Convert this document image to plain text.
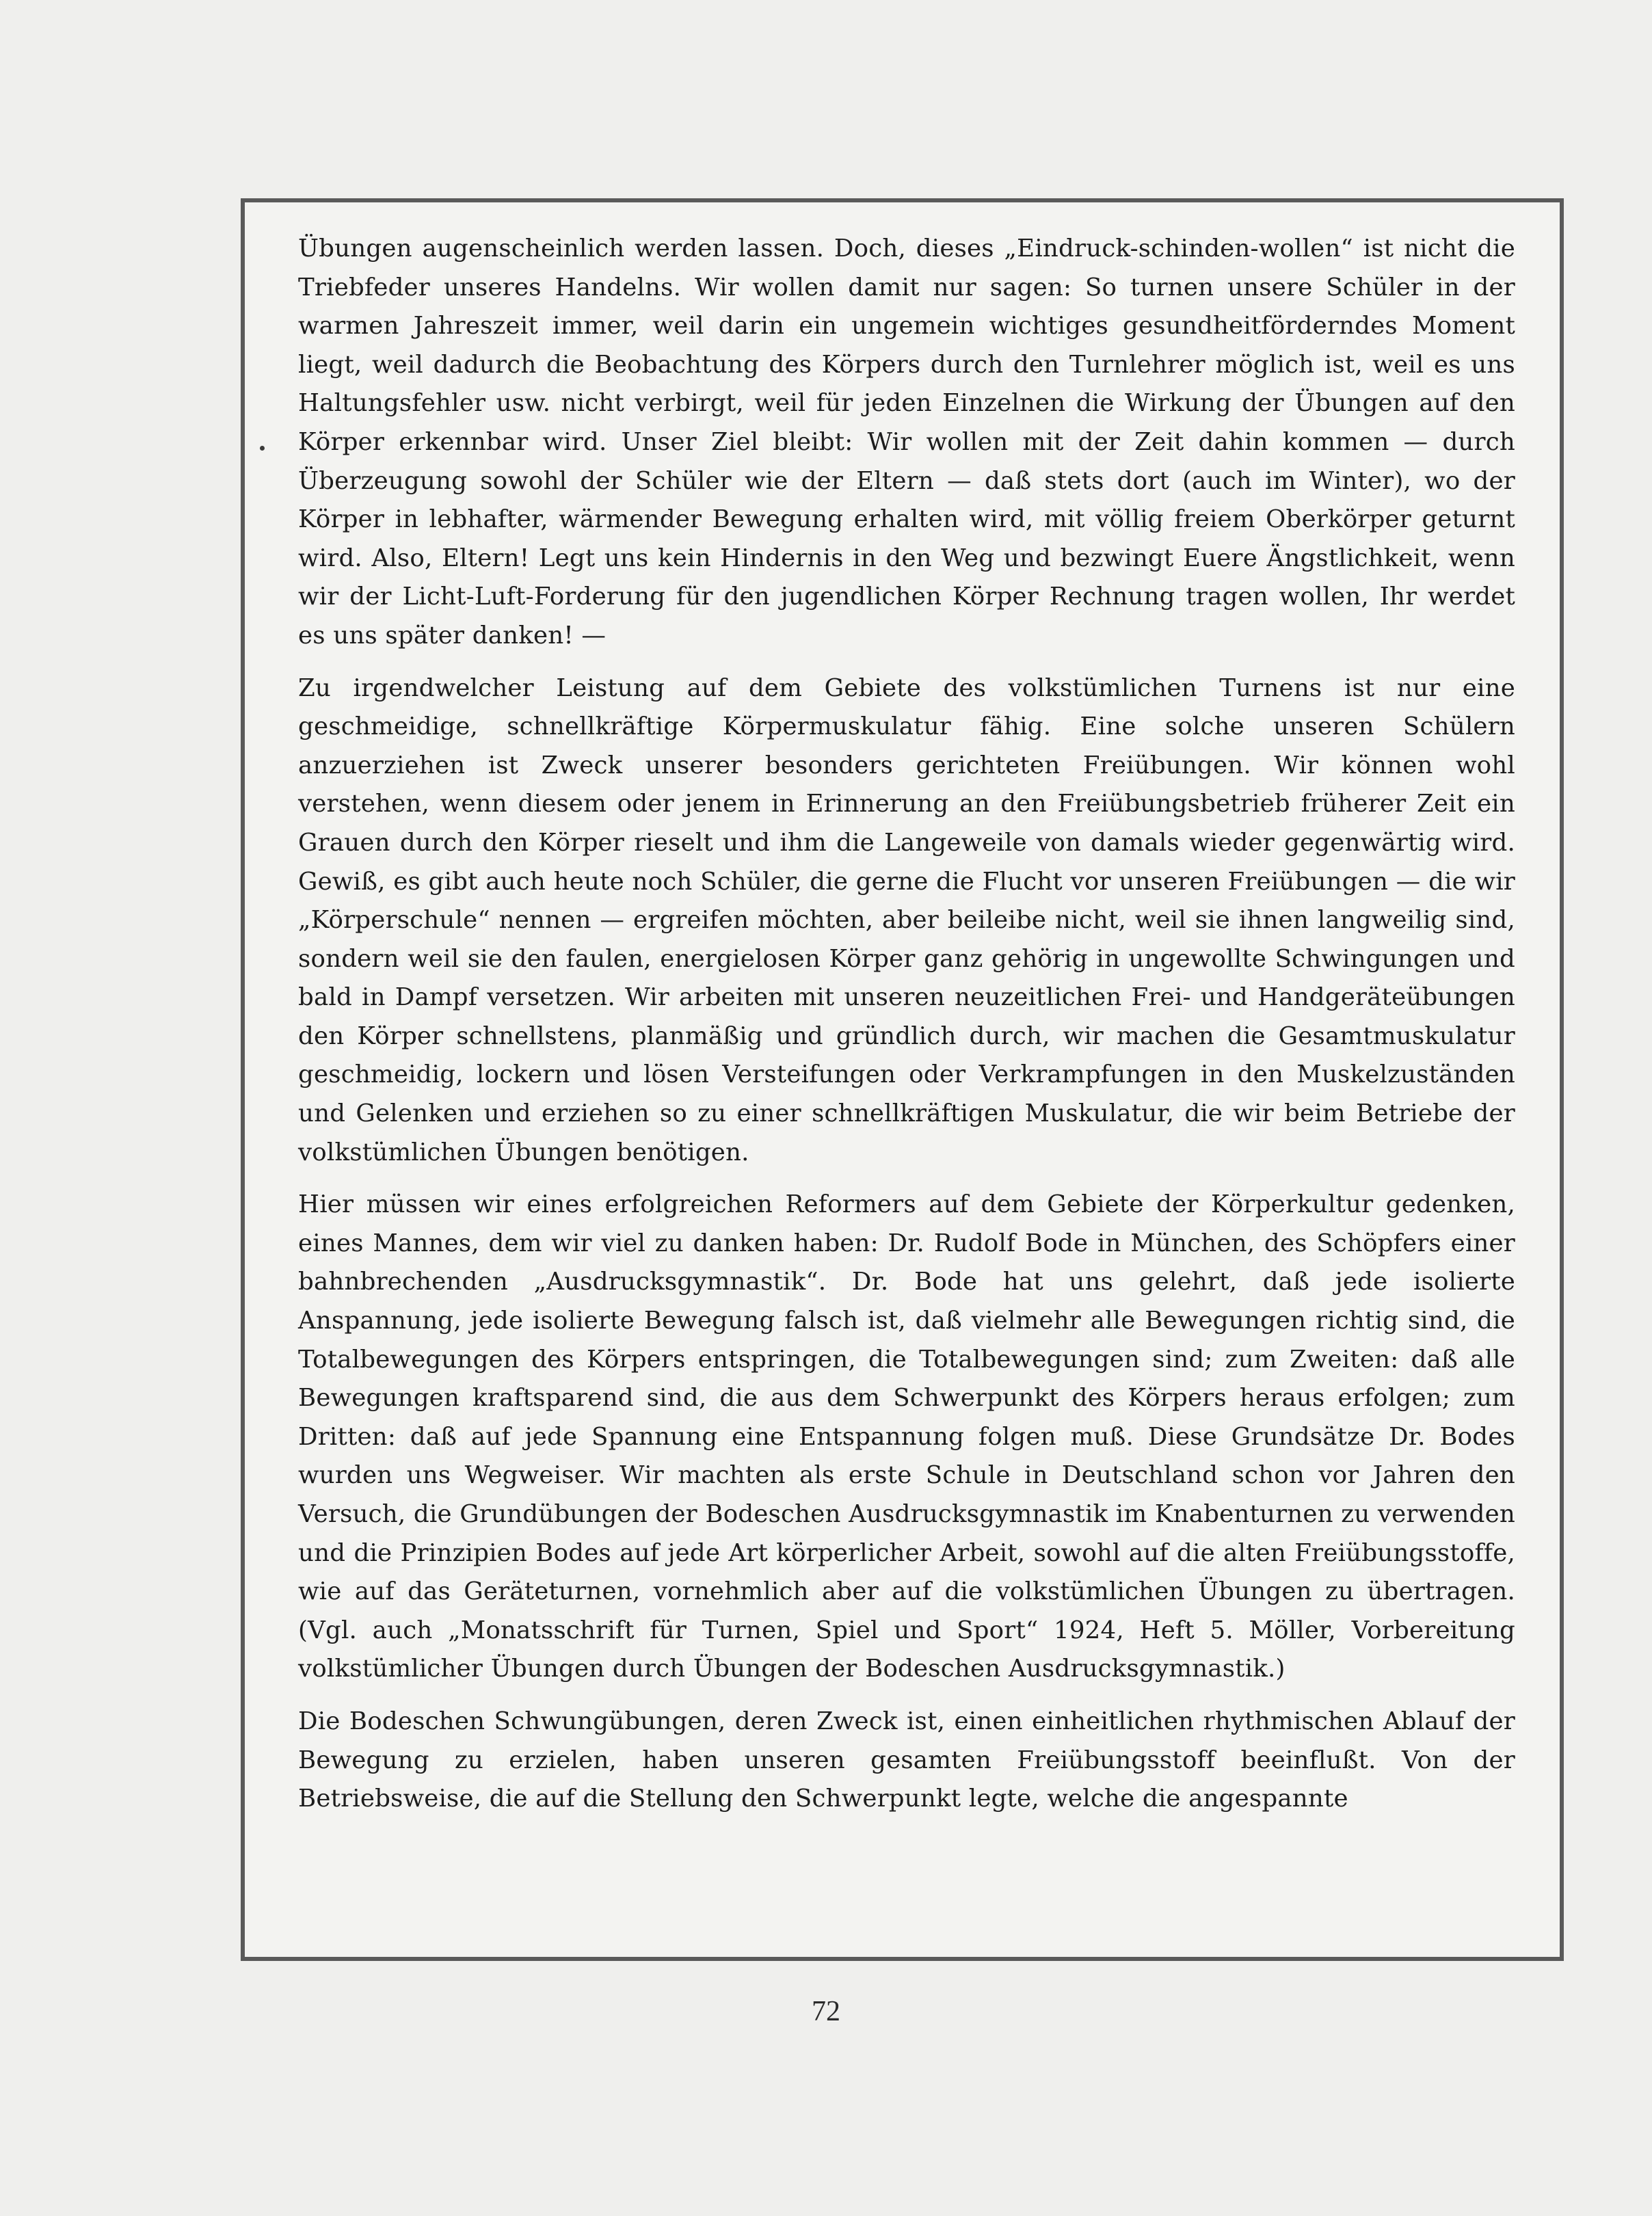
Übungen augenscheinlich werden lassen. Doch, dieses „Eindruck-schinden-wollen“ ist nicht die Triebfeder unseres Handelns. Wir wollen damit nur sagen: So turnen unsere Schüler in der warmen Jahreszeit immer, weil darin ein ungemein wichtiges gesundheitförderndes Moment liegt, weil dadurch die Beobachtung des Körpers durch den Turnlehrer möglich ist, weil es uns Haltungsfehler usw. nicht verbirgt, weil für jeden Einzelnen die Wirkung der Übungen auf den Körper erkennbar wird. Unser Ziel bleibt: Wir wollen mit der Zeit dahin kommen — durch Überzeugung sowohl der Schüler wie der Eltern — daß stets dort (auch im Winter), wo der Körper in lebhafter, wärmender Bewegung erhalten wird, mit völlig freiem Oberkörper geturnt wird. Also, Eltern! Legt uns kein Hindernis in den Weg und bezwingt Euere Ängstlichkeit, wenn wir der Licht-Luft-Forderung für den jugendlichen Körper Rechnung tragen wollen, Ihr werdet es uns später danken! —

Zu irgendwelcher Leistung auf dem Gebiete des volkstümlichen Turnens ist nur eine geschmeidige, schnellkräftige Körpermuskulatur fähig. Eine solche unseren Schülern anzuerziehen ist Zweck unserer besonders gerichteten Freiübungen. Wir können wohl verstehen, wenn diesem oder jenem in Erinnerung an den Freiübungsbetrieb früherer Zeit ein Grauen durch den Körper rieselt und ihm die Langeweile von damals wieder gegenwärtig wird. Gewiß, es gibt auch heute noch Schüler, die gerne die Flucht vor unseren Freiübungen — die wir „Körperschule“ nennen — ergreifen möchten, aber beileibe nicht, weil sie ihnen langweilig sind, sondern weil sie den faulen, energielosen Körper ganz gehörig in ungewollte Schwingungen und bald in Dampf versetzen. Wir arbeiten mit unseren neuzeitlichen Frei- und Handgeräteübungen den Körper schnellstens, planmäßig und gründlich durch, wir machen die Gesamtmuskulatur geschmeidig, lockern und lösen Versteifungen oder Verkrampfungen in den Muskelzuständen und Gelenken und erziehen so zu einer schnellkräftigen Muskulatur, die wir beim Betriebe der volkstümlichen Übungen benötigen.

Hier müssen wir eines erfolgreichen Reformers auf dem Gebiete der Körperkultur gedenken, eines Mannes, dem wir viel zu danken haben: Dr. Rudolf Bode in München, des Schöpfers einer bahnbrechenden „Ausdrucksgymnastik“. Dr. Bode hat uns gelehrt, daß jede isolierte Anspannung, jede isolierte Bewegung falsch ist, daß vielmehr alle Bewegungen richtig sind, die Totalbewegungen des Körpers entspringen, die Totalbewegungen sind; zum Zweiten: daß alle Bewegungen kraftsparend sind, die aus dem Schwerpunkt des Körpers heraus erfolgen; zum Dritten: daß auf jede Spannung eine Entspannung folgen muß. Diese Grundsätze Dr. Bodes wurden uns Wegweiser. Wir machten als erste Schule in Deutschland schon vor Jahren den Versuch, die Grundübungen der Bodeschen Ausdrucksgymnastik im Knabenturnen zu verwenden und die Prinzipien Bodes auf jede Art körperlicher Arbeit, sowohl auf die alten Freiübungsstoffe, wie auf das Geräteturnen, vornehmlich aber auf die volkstümlichen Übungen zu übertragen. (Vgl. auch „Monatsschrift für Turnen, Spiel und Sport“ 1924, Heft 5. Möller, Vorbereitung volkstümlicher Übungen durch Übungen der Bodeschen Ausdrucksgymnastik.)

Die Bodeschen Schwungübungen, deren Zweck ist, einen einheitlichen rhythmischen Ablauf der Bewegung zu erzielen, haben unseren gesamten Freiübungsstoff beeinflußt. Von der Betriebsweise, die auf die Stellung den Schwerpunkt legte, welche die angespannte

72
